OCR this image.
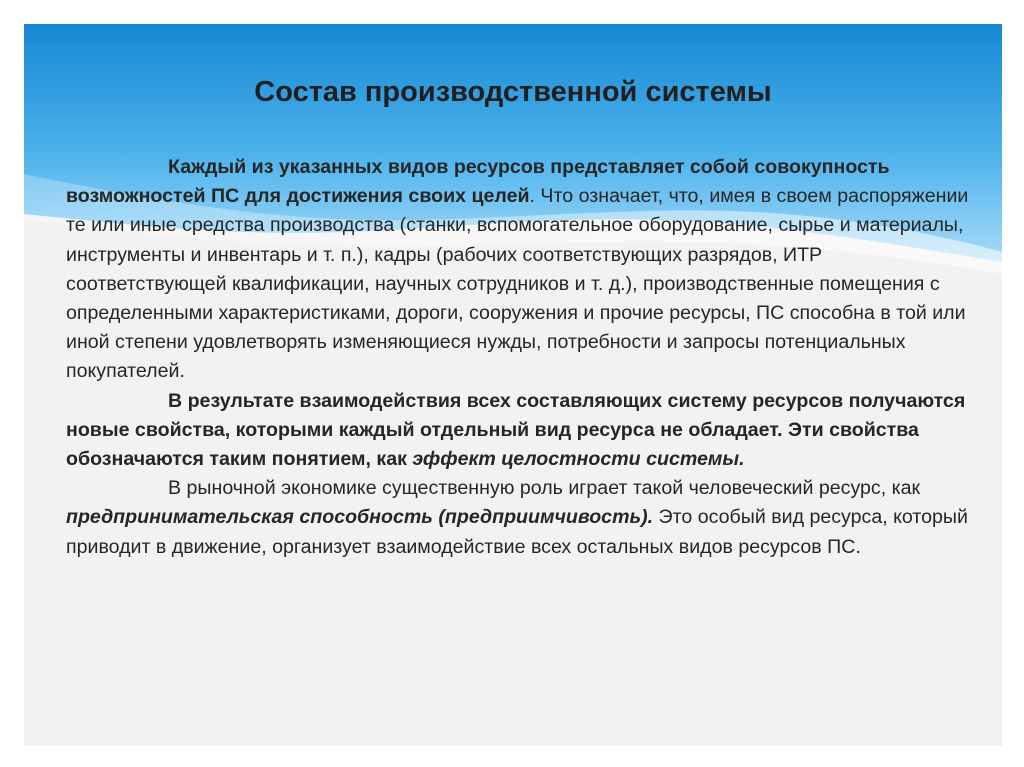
Состав производственной системы
Каждый из указанных видов ресурсов представляет собой совокупность возможностей ПС для достижения своих целей. Что означает, что, имея в своем распоряжении те или иные средства производства (станки, вспомогательное оборудование, сырье и материалы, инструменты и инвентарь и т. п.), кадры (рабочих соответствующих разрядов, ИТР соответствующей квалификации, научных сотрудников и т. д.), производственные помещения с определенными характеристиками, дороги, сооружения и прочие ресурсы, ПС способна в той или иной степени удовлетворять изменяющиеся нужды, потребности и запросы потенциальных покупателей.
В результате взаимодействия всех составляющих систему ресурсов получаются новые свойства, которыми каждый отдельный вид ресурса не обладает. Эти свойства обозначаются таким понятием, как эффект целостности системы.
В рыночной экономике существенную роль играет такой человеческий ресурс, как предпринимательская способность (предприимчивость). Это особый вид ресурса, который приводит в движение, организует взаимодействие всех остальных видов ресурсов ПС.
